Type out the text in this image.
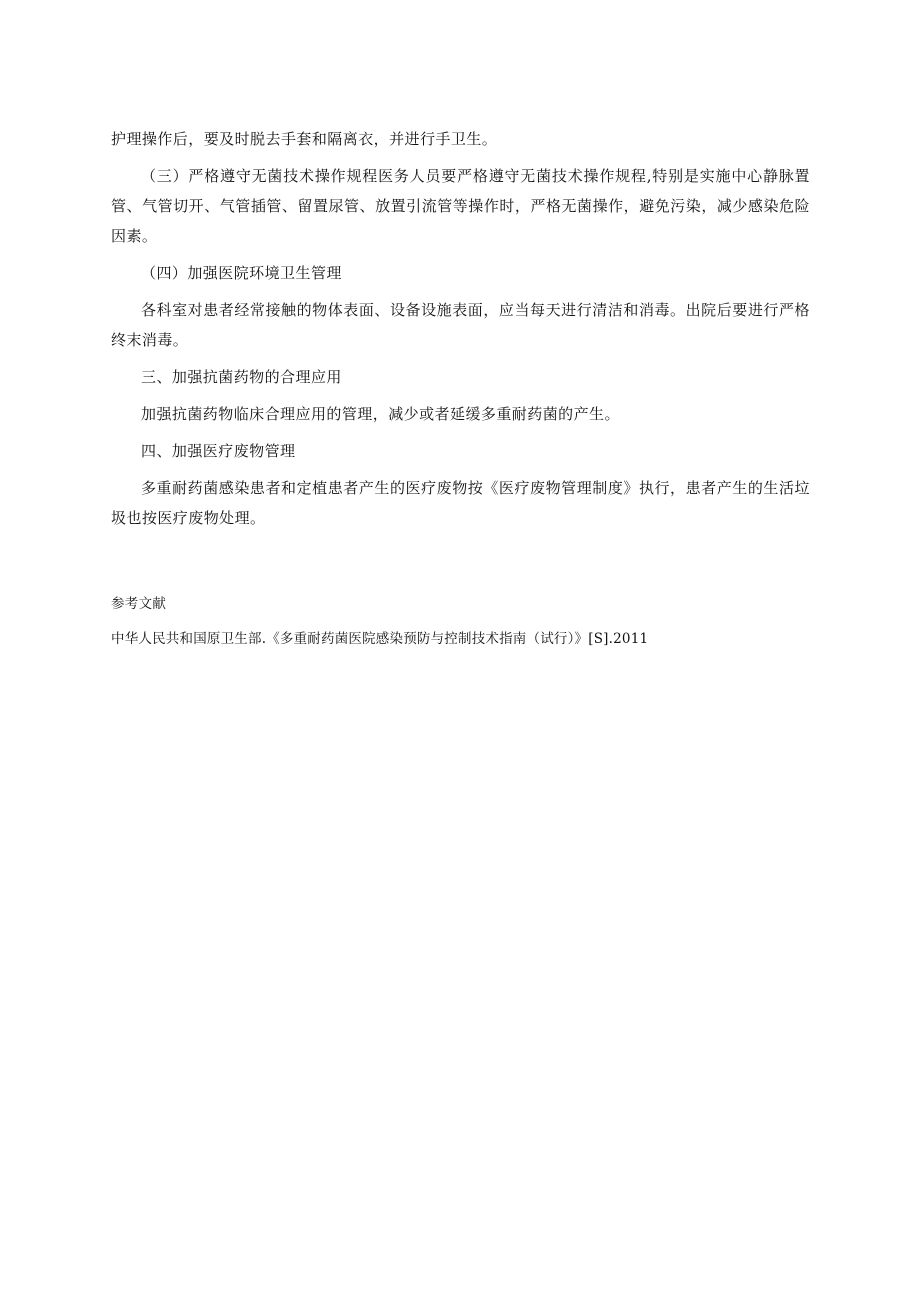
护理操作后，要及时脱去手套和隔离衣，并进行手卫生。

（三）严格遵守无菌技术操作规程医务人员要严格遵守无菌技术操作规程,特别是实施中心静脉置管、气管切开、气管插管、留置尿管、放置引流管等操作时，严格无菌操作，避免污染，减少感染危险因素。

（四）加强医院环境卫生管理

各科室对患者经常接触的物体表面、设备设施表面，应当每天进行清洁和消毒。出院后要进行严格终末消毒。

三、加强抗菌药物的合理应用

加强抗菌药物临床合理应用的管理，减少或者延缓多重耐药菌的产生。

四、加强医疗废物管理

多重耐药菌感染患者和定植患者产生的医疗废物按《医疗废物管理制度》执行，患者产生的生活垃圾也按医疗废物处理。

参考文献

中华人民共和国原卫生部.《多重耐药菌医院感染预防与控制技术指南（试行）》[S].2011
